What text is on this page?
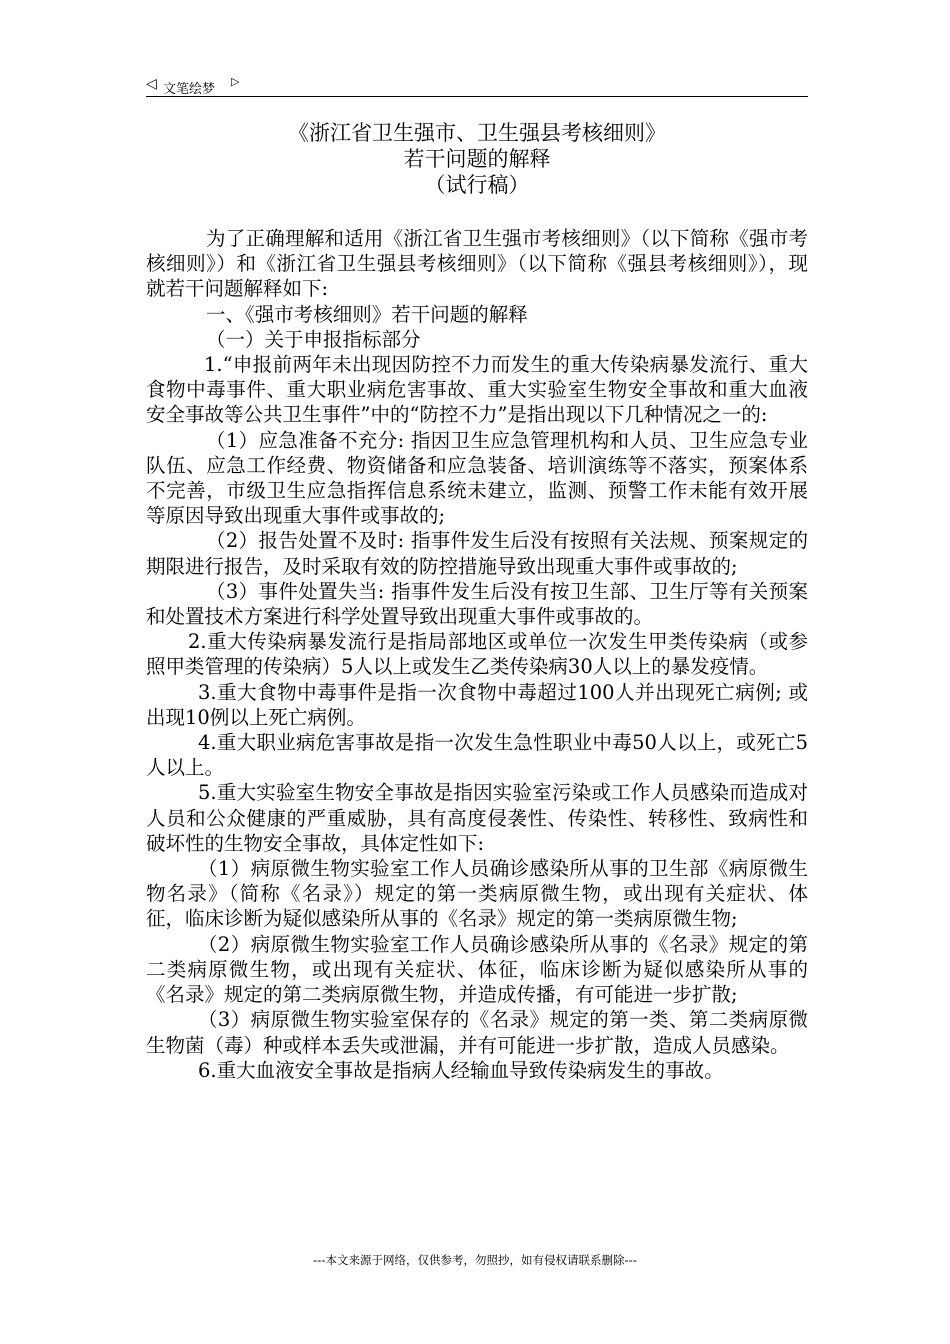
◁ 文笔绘梦
▷
《浙江省卫生强市、卫生强县考核细则》
若干问题的解释
（试行稿）

为了正确理解和适用《浙江省卫生强市考核细则》（以下简称《强市考核细则》）和《浙江省卫生强县考核细则》（以下简称《强县考核细则》），现就若干问题解释如下:

一、《强市考核细则》若干问题的解释

（一）关于申报指标部分

1.“申报前两年未出现因防控不力而发生的重大传染病暴发流行、重大食物中毒事件、重大职业病危害事故、重大实验室生物安全事故和重大血液安全事故等公共卫生事件”中的“防控不力”是指出现以下几种情况之一的:

（1）应急准备不充分: 指因卫生应急管理机构和人员、卫生应急专业队伍、应急工作经费、物资储备和应急装备、培训演练等不落实，预案体系不完善，市级卫生应急指挥信息系统未建立，监测、预警工作未能有效开展等原因导致出现重大事件或事故的;

（2）报告处置不及时: 指事件发生后没有按照有关法规、预案规定的期限进行报告，及时采取有效的防控措施导致出现重大事件或事故的;

（3）事件处置失当: 指事件发生后没有按卫生部、卫生厅等有关预案和处置技术方案进行科学处置导致出现重大事件或事故的。

2.重大传染病暴发流行是指局部地区或单位一次发生甲类传染病（或参照甲类管理的传染病）5人以上或发生乙类传染病30人以上的暴发疫情。

3.重大食物中毒事件是指一次食物中毒超过100人并出现死亡病例; 或出现10例以上死亡病例。

4.重大职业病危害事故是指一次发生急性职业中毒50人以上，或死亡5人以上。

5.重大实验室生物安全事故是指因实验室污染或工作人员感染而造成对人员和公众健康的严重威胁，具有高度侵袭性、传染性、转移性、致病性和破坏性的生物安全事故，具体定性如下:

（1）病原微生物实验室工作人员确诊感染所从事的卫生部《病原微生物名录》（简称《名录》）规定的第一类病原微生物，或出现有关症状、体征，临床诊断为疑似感染所从事的《名录》规定的第一类病原微生物;

（2）病原微生物实验室工作人员确诊感染所从事的《名录》规定的第二类病原微生物，或出现有关症状、体征，临床诊断为疑似感染所从事的《名录》规定的第二类病原微生物，并造成传播，有可能进一步扩散;

（3）病原微生物实验室保存的《名录》规定的第一类、第二类病原微生物菌（毒）种或样本丢失或泄漏，并有可能进一步扩散，造成人员感染。

6.重大血液安全事故是指病人经输血导致传染病发生的事故。

---本文来源于网络，仅供参考，勿照抄，如有侵权请联系删除---
